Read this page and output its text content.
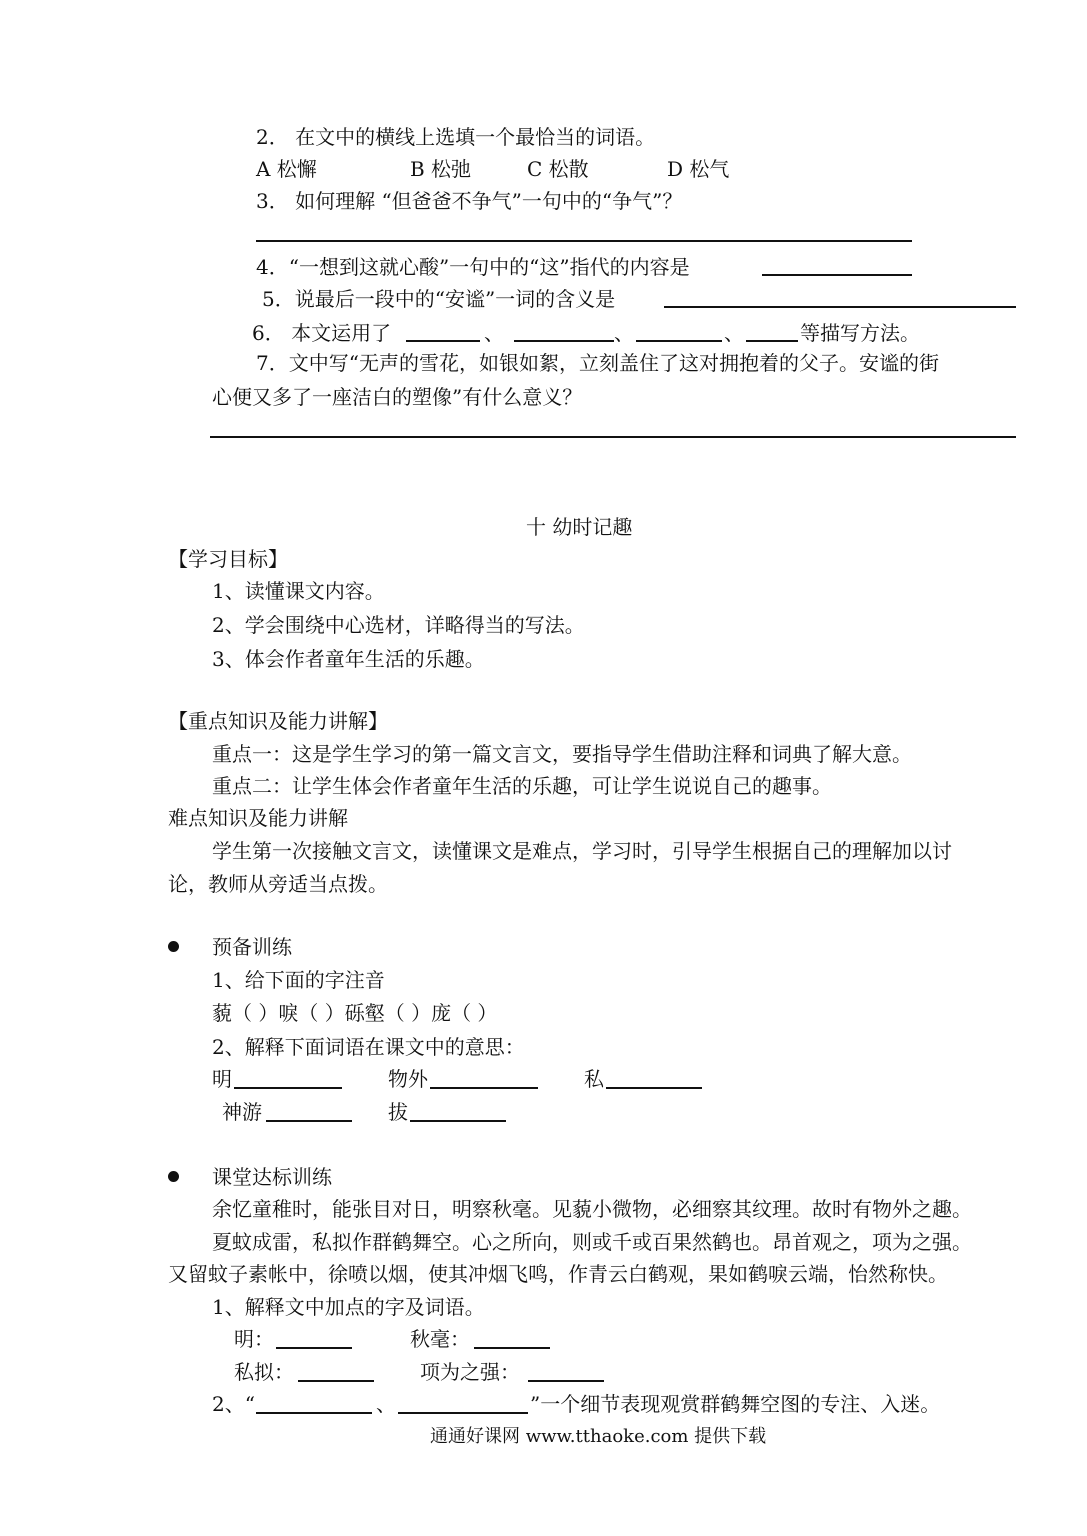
2． 在文中的横线上选填一个最恰当的词语。
A 松懈	B 松弛	C 松散	D 松气
3． 如何理解 “但爸爸不争气”一句中的“争气”？
4．“一想到这就心酸”一句中的“这”指代的内容是
5．说最后一段中的“安谧”一词的含义是
6． 本文运用了	、	、	、	等描写方法。
7．文中写“无声的雪花，如银如絮，立刻盖住了这对拥抱着的父子。安谧的街
心便又多了一座洁白的塑像”有什么意义？
十 幼时记趣
【学习目标】
1、读懂课文内容。
2、学会围绕中心选材，详略得当的写法。
3、体会作者童年生活的乐趣。
【重点知识及能力讲解】
重点一：这是学生学习的第一篇文言文，要指导学生借助注释和词典了解大意。
重点二：让学生体会作者童年生活的乐趣，可让学生说说自己的趣事。
难点知识及能力讲解
学生第一次接触文言文，读懂课文是难点，学习时，引导学生根据自己的理解加以讨
论，教师从旁适当点拨。
预备训练
1、给下面的字注音
藐（ ）唳（ ）砾壑（ ）庞（ ）
2、解释下面词语在课文中的意思：
明	物外	私
神游	拔
课堂达标训练
余忆童稚时，能张目对日，明察秋毫。见藐小微物，必细察其纹理。故时有物外之趣。
夏蚊成雷，私拟作群鹤舞空。心之所向，则或千或百果然鹤也。昂首观之，项为之强。
又留蚊子素帐中，徐喷以烟，使其冲烟飞鸣，作青云白鹤观，果如鹤唳云端，怡然称快。
1、解释文中加点的字及词语。
明：	秋毫：
私拟：	项为之强：
2、“	、	”一个细节表现观赏群鹤舞空图的专注、入迷。
通通好课网 www.tthaoke.com 提供下载
